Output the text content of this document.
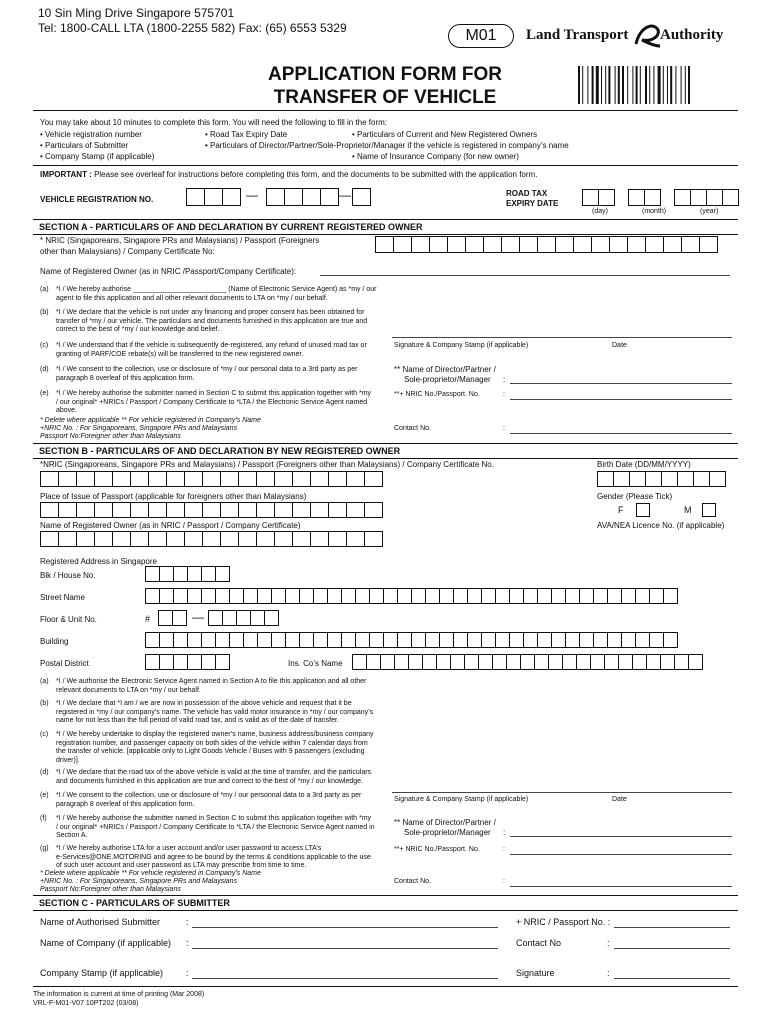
10 Sin Ming Drive Singapore 575701
Tel: 1800-CALL LTA (1800-2255 582) Fax: (65) 6553 5329	M01	Land Transport Authority
APPLICATION FORM FOR
TRANSFER OF VEHICLE
You may take about 10 minutes to complete this form. You will need the following to fill in the form:
• Vehicle registration number
• Particulars of Submitter
• Company Stamp (if applicable)
• Road Tax Expiry Date
• Particulars of Director/Partner/Sole-Proprietor/Manager if the vehicle is registered in company’s name
• Particulars of Current and New Registered Owners
• Name of Insurance Company (for new owner)
IMPORTANT : Please see overleaf for instructions before completing this form, and the documents to be submitted with the application form.
VEHICLE REGISTRATION NO.	—	—	ROAD TAX
EXPIRY DATE
(day)	(month)	(year)
SECTION A - PARTICULARS OF AND DECLARATION BY CURRENT REGISTERED OWNER
* NRIC (Singaporeans, Singapore PRs and Malaysians) / Passport (Foreigners
other than Malaysians) / Company Certificate No:
Name of Registered Owner (as in NRIC /Passport/Company Certificate):
(a) *I / We hereby authorise ________________________ (Name of Electronic Service Agent) as *my / our
agent to file this application and all other relevant documents to LTA on *my / our behalf.
(b) *I / We declare that the vehicle is not under any financing and proper consent has been obtained for
transfer of *my / our vehicle. The particulars and documents furnished in this application are true and
correct to the best of *my / our knowledge and belief.
(c) *I / We understand that if the vehicle is subsequently de-registered, any refund of unused road tax or
granting of PARF/COE rebate(s) will be transferred to the new registered owner.
(d) *I / We consent to the collection, use or disclosure of *my / our personal data to a 3rd party as per
paragraph 8 overleaf of this application form.
(e) *I / We hereby authorise the submitter named in Section C to submit this application together with *my
/ our original* +NRICs / Passport / Company Certificate to *LTA / the Electronic Service Agent named
above.
Signature & Company Stamp (if applicable)	Date
** Name of Director/Partner /
Sole-proprietor/Manager :
**+ NRIC No./Passport. No.	:
Contact No.	:
* Delete where applicable ** For vehicle registered in Company’s Name
+NRIC No. : For Singaporeans, Singapore PRs and Malaysians
Passport No:Foreigner other than Malaysians
SECTION B - PARTICULARS OF AND DECLARATION BY NEW REGISTERED OWNER
*NRIC (Singaporeans, Singapore PRs and Malaysians) / Passport (Foreigners other than Malaysians) / Company Certificate No.	Birth Date (DD/MM/YYYY)
Place of Issue of Passport (applicable for foreigners other than Malaysians)	Gender (Please Tick)
F	M
Name of Registered Owner (as in NRIC / Passport / Company Certificate)	AVA/NEA Licence No. (if applicable)
Registered Address in Singapore
Blk / House No.
Street Name
Floor & Unit No.	#	—
Building
Postal District	Ins. Co’s Name
(a) *I / We authorise the Electronic Service Agent named in Section A to file this application and all other
relevant documents to LTA on *my / our behalf.
(b) *I / We declare that *I am / we are now in possession of the above vehicle and request that it be
registered in *my / our company’s name. The vehicle has valid motor insurance in *my / our company’s
name for not less than the full period of valid road tax, and is valid as of the date of transfer.
(c) *I / We hereby undertake to display the registered owner’s name, business address/business company
registration number, and passenger capacity on both sides of the vehicle within 7 calendar days from
the transfer of vehicle. [applicable only to Light Goods Vehicle / Buses with 9 passengers (excluding
driver)].
(d) *I / We declare that the road tax of the above vehicle is valid at the time of transfer, and the particulars
and documents furnished in this application are true and correct to the best of *my / our knowledge.
(e) *I / We consent to the collection, use or disclosure of *my / our personnal data to a 3rd party as per
paragraph 8 overleaf of this application form.
(f) *I / We hereby authorise the submitter named in Section C to submit this application together with *my
/ our original* +NRICs / Passport / Company Certificate to *LTA / the Electronic Service Agent named in
Section A.
(g) *I / We hereby authorise LTA for a user account and/or user password to access LTA’s
e-Services@ONE.MOTORING and agree to be bound by the terms & conditions applicable to the use
of such user account and user password as LTA may prescribe from time to time.
Signature & Company Stamp (if applicable)	Date
** Name of Director/Partner /
Sole-proprietor/Manager :
**+ NRIC No./Passport. No.	:
Contact No.	:
* Delete where applicable ** For vehicle registered in Company’s Name
+NRIC No. : For Singaporeans, Singapore PRs and Malaysians
Passport No:Foreigner other than Malaysians
SECTION C - PARTICULARS OF SUBMITTER
Name of Authorised Submitter	:	+ NRIC / Passport No. :
Name of Company (if applicable) :	Contact No	:
Company Stamp (if applicable)	:	Signature	:
The information is current at time of printing (Mar 2008)
VRL-F-M01-V07 10PT202 (03/08)
